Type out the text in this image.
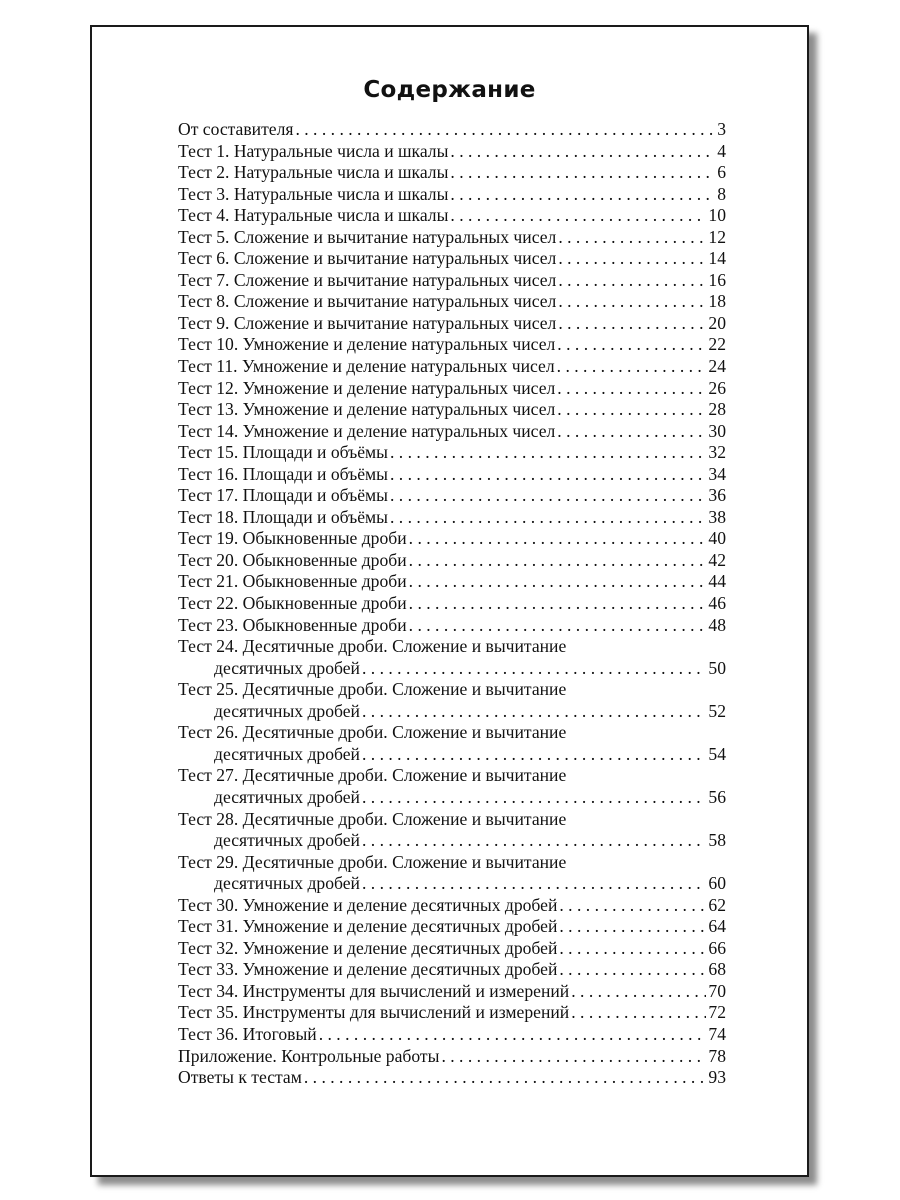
Содержание
От составителя . . .	3
Тест 1. Натуральные числа и шкалы . . .	4
Тест 2. Натуральные числа и шкалы . . .	6
Тест 3. Натуральные числа и шкалы . . .	8
Тест 4. Натуральные числа и шкалы . . .	10
Тест 5. Сложение и вычитание натуральных чисел . . .	12
Тест 6. Сложение и вычитание натуральных чисел . . .	14
Тест 7. Сложение и вычитание натуральных чисел . . .	16
Тест 8. Сложение и вычитание натуральных чисел . . .	18
Тест 9. Сложение и вычитание натуральных чисел . . .	20
Тест 10. Умножение и деление натуральных чисел . . .	22
Тест 11. Умножение и деление натуральных чисел . . .	24
Тест 12. Умножение и деление натуральных чисел . . .	26
Тест 13. Умножение и деление натуральных чисел . . .	28
Тест 14. Умножение и деление натуральных чисел . . .	30
Тест 15. Площади и объёмы . . .	32
Тест 16. Площади и объёмы . . .	34
Тест 17. Площади и объёмы . . .	36
Тест 18. Площади и объёмы . . .	38
Тест 19. Обыкновенные дроби . . .	40
Тест 20. Обыкновенные дроби . . .	42
Тест 21. Обыкновенные дроби . . .	44
Тест 22. Обыкновенные дроби . . .	46
Тест 23. Обыкновенные дроби . . .	48
Тест 24. Десятичные дроби. Сложение и вычитание
десятичных дробей . . .	50
Тест 25. Десятичные дроби. Сложение и вычитание
десятичных дробей . . .	52
Тест 26. Десятичные дроби. Сложение и вычитание
десятичных дробей . . .	54
Тест 27. Десятичные дроби. Сложение и вычитание
десятичных дробей . . .	56
Тест 28. Десятичные дроби. Сложение и вычитание
десятичных дробей . . .	58
Тест 29. Десятичные дроби. Сложение и вычитание
десятичных дробей . . .	60
Тест 30. Умножение и деление десятичных дробей . . .	62
Тест 31. Умножение и деление десятичных дробей . . .	64
Тест 32. Умножение и деление десятичных дробей . . .	66
Тест 33. Умножение и деление десятичных дробей . . .	68
Тест 34. Инструменты для вычислений и измерений . . .	70
Тест 35. Инструменты для вычислений и измерений . . .	72
Тест 36. Итоговый . . .	74
Приложение. Контрольные работы . . .	78
Ответы к тестам . . .	93
